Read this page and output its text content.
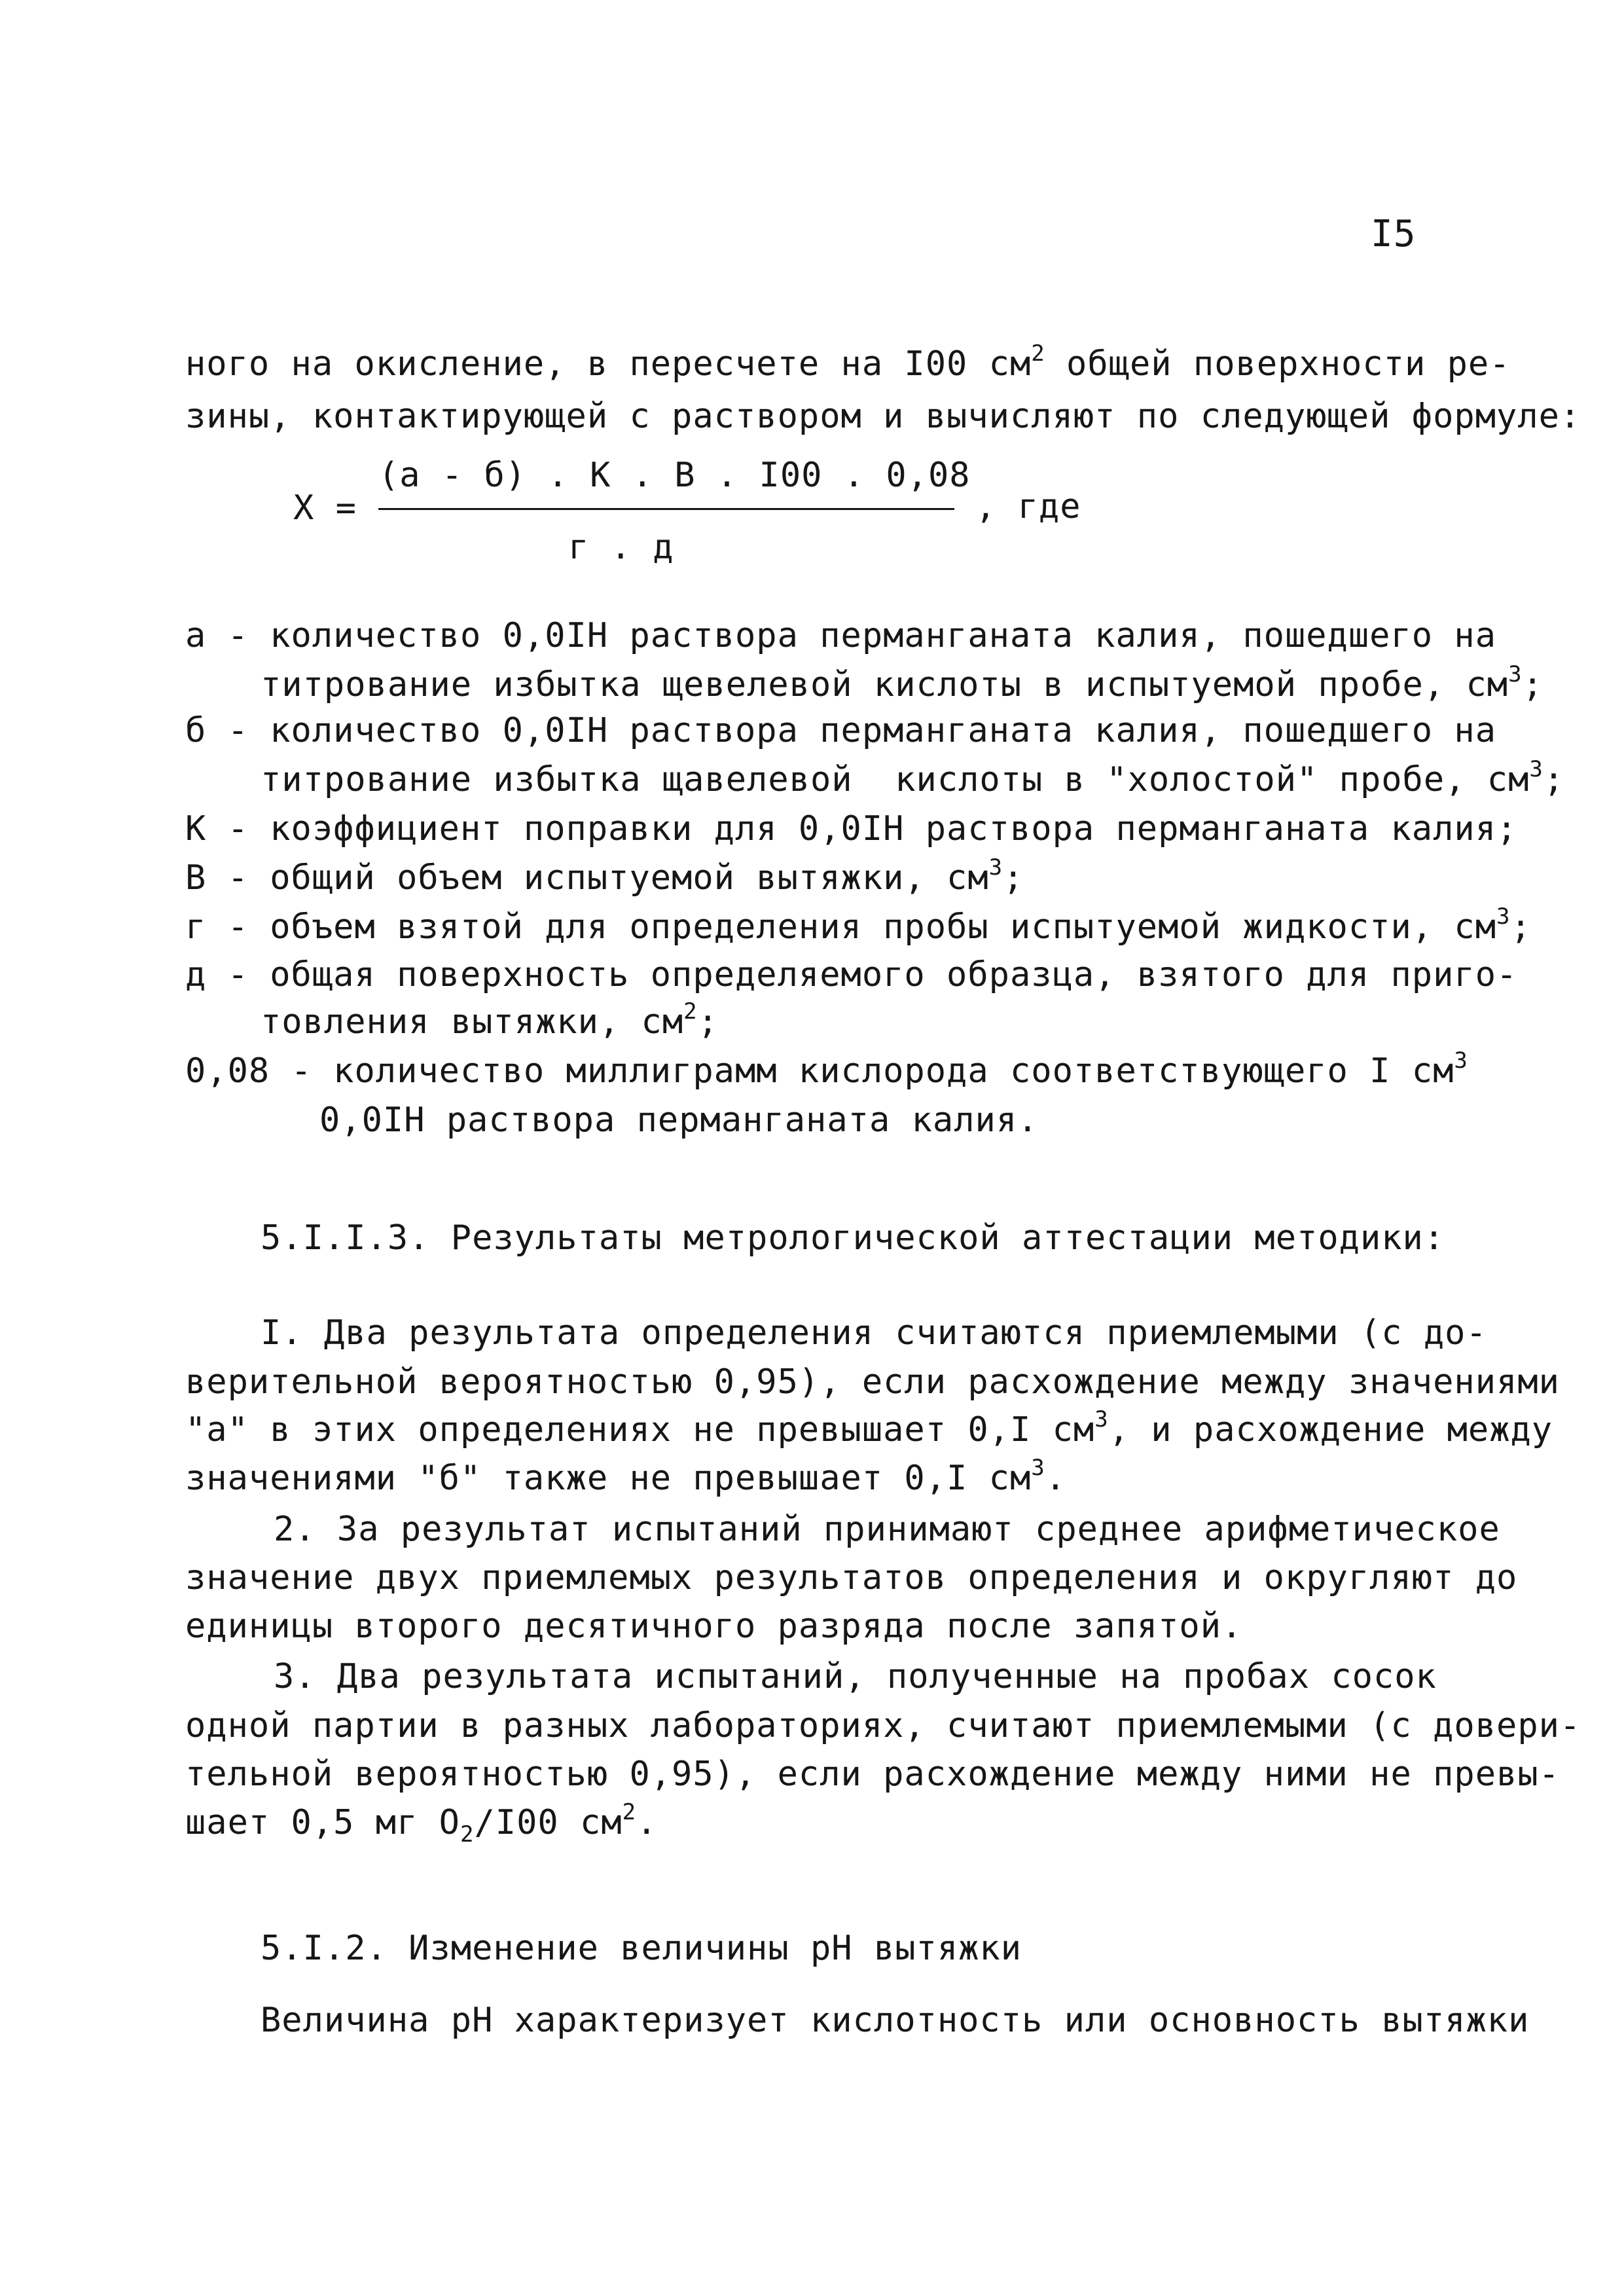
I5
ного на окисление, в пересчете на I00 $см^2$ общей поверхности ре-
зины, контактирующей с раствором и вычисляют по следующей формуле:
(а - б) . К . В . I00 . 0,08
X =	, где
г . д
а - количество 0,0IН раствора перманганата калия, пошедшего на
титрование избытка щевелевой кислоты в испытуемой пробе, $см^3$;
б - количество 0,0IН раствора перманганата калия, пошедшего на
титрование избытка щавелевой  кислоты в "холостой" пробе, $см^3$;
К - коэффициент поправки для 0,0IН раствора перманганата калия;
В - общий объем испытуемой вытяжки, $см^3$;
г - объем взятой для определения пробы испытуемой жидкости, $см^3$;
д - общая поверхность определяемого образца, взятого для приго-
товления вытяжки, $см^2$;
0,08 - количество миллиграмм кислорода соответствующего I $см^3$
0,0IН раствора перманганата калия.
5.I.I.3. Результаты метрологической аттестации методики:
I. Два результата определения считаются приемлемыми (с до-
верительной вероятностью 0,95), если расхождение между значениями
"а" в этих определениях не превышает 0,I $см^3$, и расхождение между
значениями "б" также не превышает 0,I $см^3$.
2. За результат испытаний принимают среднее арифметическое
значение двух приемлемых результатов определения и округляют до
единицы второго десятичного разряда после запятой.
3. Два результата испытаний, полученные на пробах сосок
одной партии в разных лабораториях, считают приемлемыми (с довери-
тельной вероятностью 0,95), если расхождение между ними не превы-
шает 0,5 мг $O_2/I00$ $см^2$.
5.I.2. Изменение величины рН вытяжки
Величина рН характеризует кислотность или основность вытяжки
